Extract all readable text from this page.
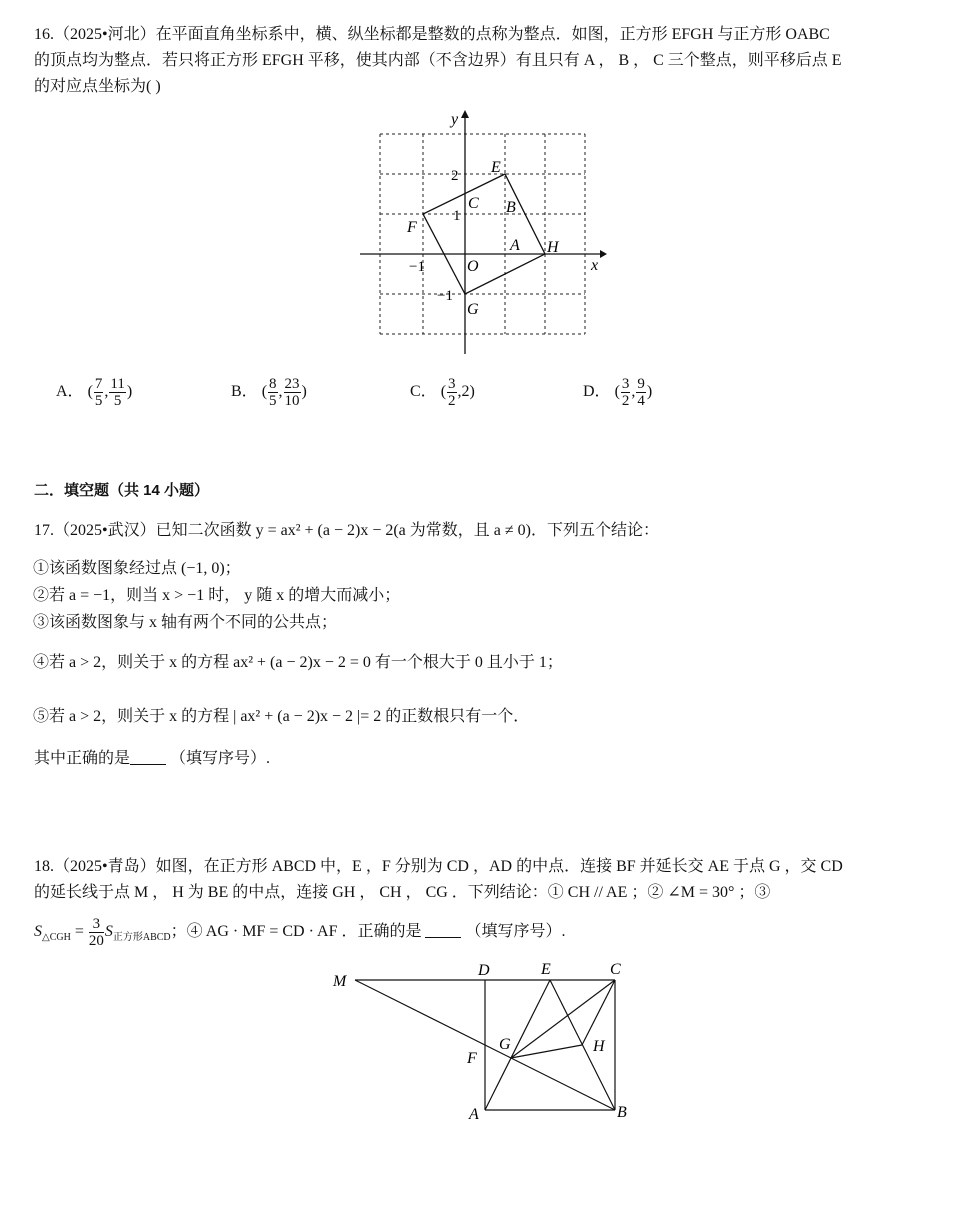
16.（2025•河北）在平面直角坐标系中，横、纵坐标都是整数的点称为整点．如图，正方形 EFGH 与正方形 OABC
的顶点均为整点．若只将正方形 EFGH 平移，使其内部（不含边界）有且只有 A ， B ， C 三个整点，则平移后点 E
的对应点坐标为( )
y
x
E
F
G
H
A
B
C
O
2
1
−1
−1
A． ( $\frac{7}{5}$ , $\frac{11}{5}$ )	B． ( $\frac{8}{5}$ , $\frac{23}{10}$ )	C． ( $\frac{3}{2} ,2$)	D． ( $\frac{3}{2}$ , $\frac{9}{4}$ )
二．填空题（共 14 小题）
17.（2025•武汉）已知二次函数 y = ax² + (a − 2)x − 2(a 为常数，且 a ≠ 0)．下列五个结论：
①该函数图象经过点 (−1, 0)；
②若 a = −1，则当 x > −1 时， y 随 x 的增大而减小；
③该函数图象与 x 轴有两个不同的公共点；
④若 a > 2，则关于 x 的方程 ax² + (a − 2)x − 2 = 0 有一个根大于 0 且小于 1；
⑤若 a > 2，则关于 x 的方程 | ax² + (a − 2)x − 2 |= 2 的正数根只有一个．
其中正确的是	（填写序号）.
18.（2025•青岛）如图，在正方形 ABCD 中，E ，F 分别为 CD ，AD 的中点．连接 BF 并延长交 AE 于点 G ，交 CD
的延长线于点 M ， H 为 BE 的中点，连接 GH ， CH ， CG ．下列结论：① CH // AE ；② ∠M = 30° ；③
$S_{\triangle CGH} = \frac{3}{20} S_{正方形ABCD}$；④ AG · MF = CD · AF ．正确的是	（填写序号）.
M
D	E	C
G	H
F
A	B
